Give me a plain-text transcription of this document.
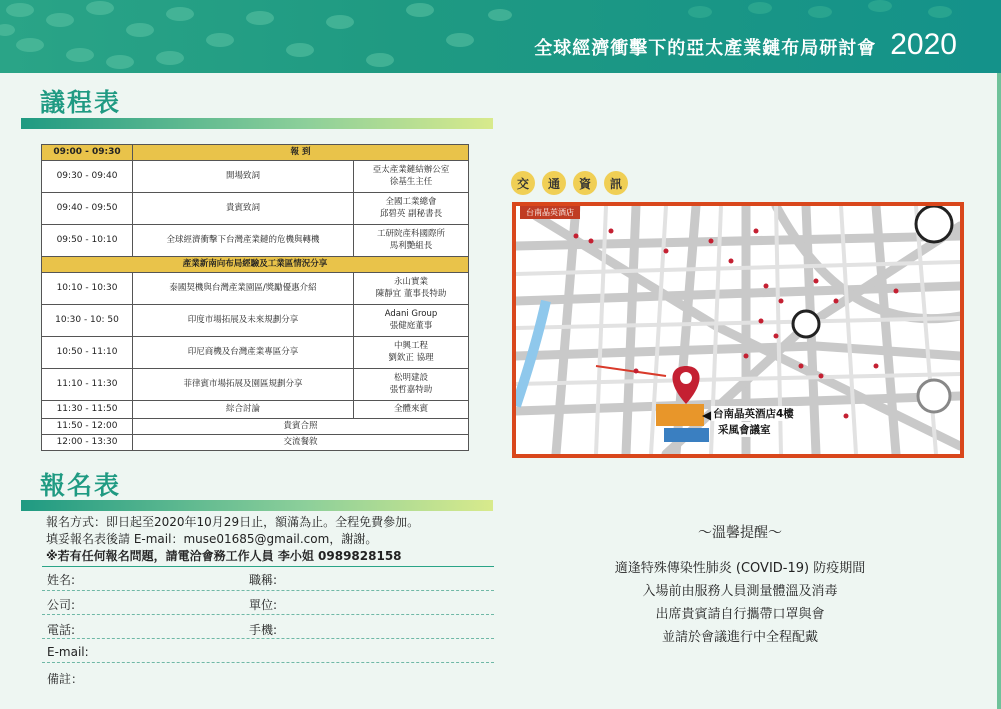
全球經濟衝擊下的亞太產業鏈布局研討會 2020
議程表
09:00 - 09:30	報 到	
09:30 - 09:40	開場致詞	亞太產業鏈結辦公室
徐基生主任
09:40 - 09:50	貴賓致詞	全國工業總會
邱碧英 副秘書長
09:50 - 10:10	全球經濟衝擊下台灣產業鏈的危機與轉機	工研院產科國際所
馬利艷組長
產業新南向布局經驗及工業區情況分享		
10:10 - 10:30	泰國契機與台灣產業園區/獎勵優惠介紹	永山實業
陳靜宜 董事長特助
10:30 - 10: 50	印度市場拓展及未來規劃分享	Adani Group
張健庭董事
10:50 - 11:10	印尼商機及台灣產業專區分享	中興工程
劉欽正 協理
11:10 - 11:30	菲律賓市場拓展及園區規劃分享	松明建設
張哲嘉特助
11:30 - 11:50	綜合討論	全體來賓
11:50 - 12:00	貴賓合照	
12:00 - 13:30	交流餐敘	
報名表
報名方式：即日起至2020年10月29日止，額滿為止。全程免費參加。
填妥報名表後請 E-mail：muse01685@gmail.com，謝謝。
※若有任何報名問題，請電洽會務工作人員 李小姐 0989828158
姓名:	職稱:
公司:	單位:
電話:	手機:
E-mail:
備註：
交	通	資	訊
台南晶英酒店
台南晶英酒店4樓
采風會議室
～溫馨提醒～
適逢特殊傳染性肺炎 (COVID-19) 防疫期間
入場前由服務人員測量體溫及消毒
出席貴賓請自行攜帶口罩與會
並請於會議進行中全程配戴
